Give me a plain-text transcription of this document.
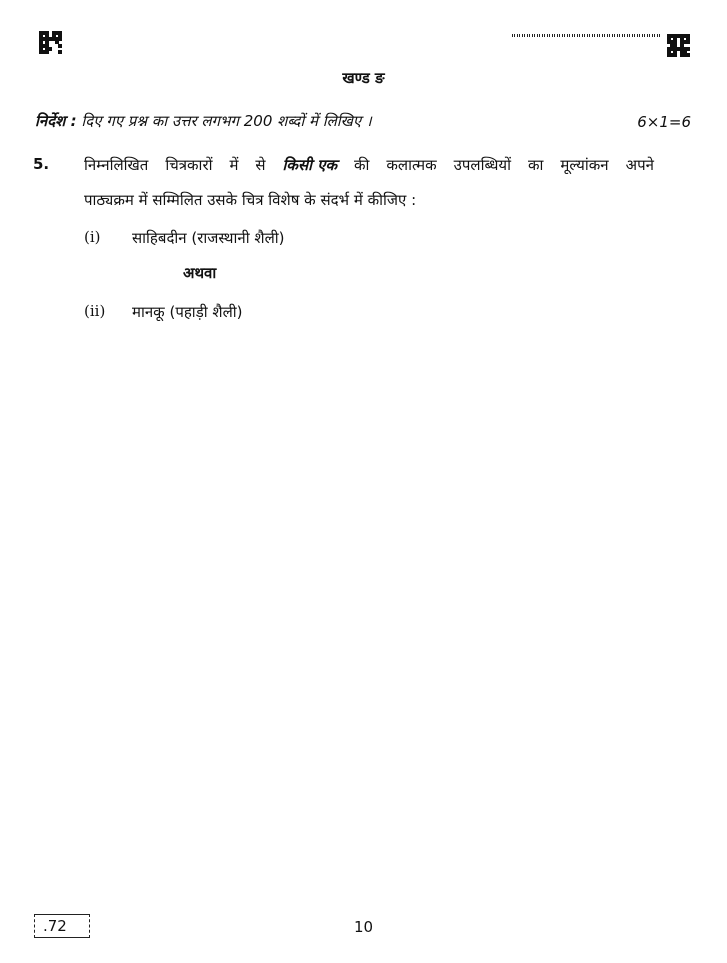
खण्ड ङ
निर्देश : दिए गए प्रश्न का उत्तर लगभग 200 शब्दों में लिखिए ।	6×1=6
5. निम्नलिखित चित्रकारों में से किसी एक की कलात्मक उपलब्धियों का मूल्यांकन अपने
पाठ्यक्रम में सम्मिलित उसके चित्र विशेष के संदर्भ में कीजिए :
(i) साहिबदीन (राजस्थानी शैली)
अथवा
(ii) मानकू (पहाड़ी शैली)
.72	10
